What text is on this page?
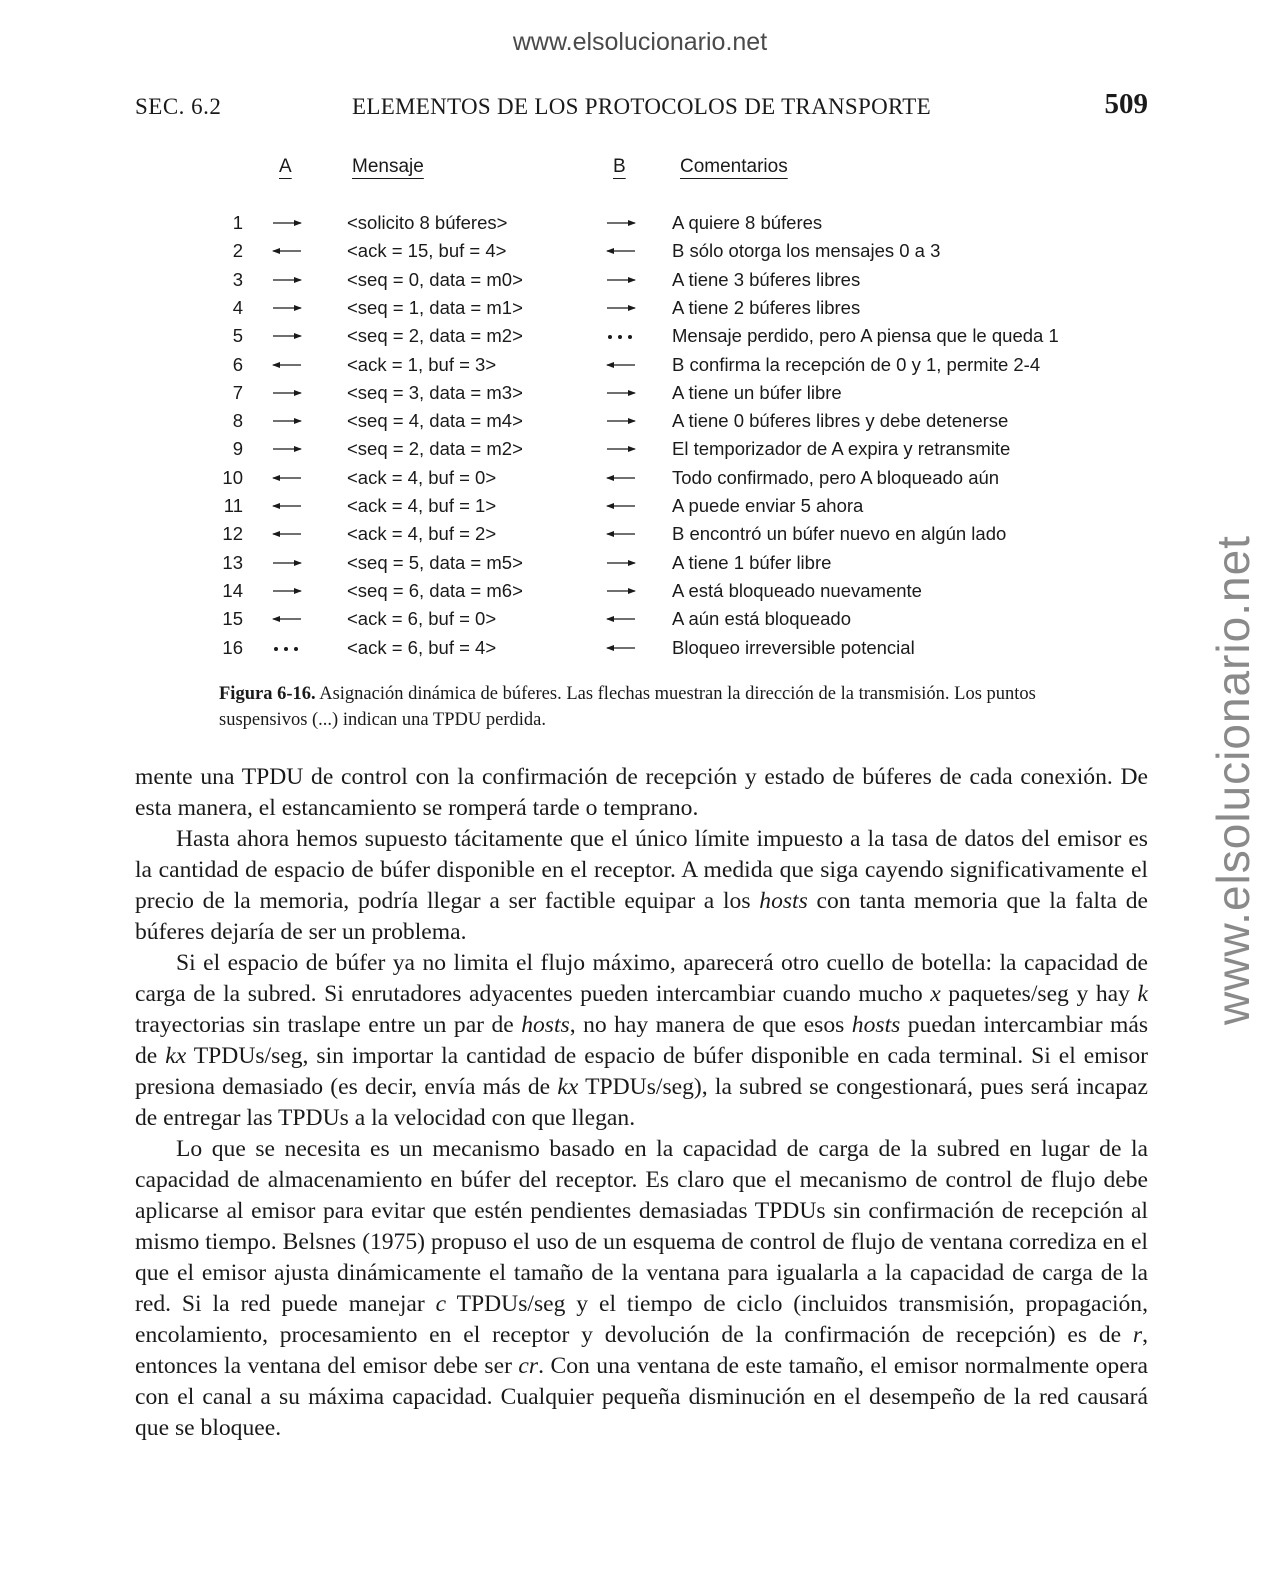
www.elsolucionario.net
www.elsolucionario.net
SEC. 6.2	ELEMENTOS DE LOS PROTOCOLOS DE TRANSPORTE	509
A	Mensaje	B	Comentarios
1	<solicito 8 búferes>	A quiere 8 búferes
2	<ack = 15, buf = 4>	B sólo otorga los mensajes 0 a 3
3	<seq = 0, data = m0>	A tiene 3 búferes libres
4	<seq = 1, data = m1>	A tiene 2 búferes libres
5	<seq = 2, data = m2>	Mensaje perdido, pero A piensa que le queda 1
6	<ack = 1, buf = 3>	B confirma la recepción de 0 y 1, permite 2-4
7	<seq = 3, data = m3>	A tiene un búfer libre
8	<seq = 4, data = m4>	A tiene 0 búferes libres y debe detenerse
9	<seq = 2, data = m2>	El temporizador de A expira y retransmite
10	<ack = 4, buf = 0>	Todo confirmado, pero A bloqueado aún
11	<ack = 4, buf = 1>	A puede enviar 5 ahora
12	<ack = 4, buf = 2>	B encontró un búfer nuevo en algún lado
13	<seq = 5, data = m5>	A tiene 1 búfer libre
14	<seq = 6, data = m6>	A está bloqueado nuevamente
15	<ack = 6, buf = 0>	A aún está bloqueado
16	<ack = 6, buf = 4>	Bloqueo irreversible potencial
Figura 6-16. Asignación dinámica de búferes. Las flechas muestran la dirección de la transmisión. Los puntos suspensivos (...) indican una TPDU perdida.

mente una TPDU de control con la confirmación de recepción y estado de búferes de cada conexión. De esta manera, el estancamiento se romperá tarde o temprano.

Hasta ahora hemos supuesto tácitamente que el único límite impuesto a la tasa de datos del emisor es la cantidad de espacio de búfer disponible en el receptor. A medida que siga cayendo significativamente el precio de la memoria, podría llegar a ser factible equipar a los hosts con tanta memoria que la falta de búferes dejaría de ser un problema.

Si el espacio de búfer ya no limita el flujo máximo, aparecerá otro cuello de botella: la capacidad de carga de la subred. Si enrutadores adyacentes pueden intercambiar cuando mucho x paquetes/seg y hay k trayectorias sin traslape entre un par de hosts, no hay manera de que esos hosts puedan intercambiar más de kx TPDUs/seg, sin importar la cantidad de espacio de búfer disponible en cada terminal. Si el emisor presiona demasiado (es decir, envía más de kx TPDUs/seg), la subred se congestionará, pues será incapaz de entregar las TPDUs a la velocidad con que llegan.

Lo que se necesita es un mecanismo basado en la capacidad de carga de la subred en lugar de la capacidad de almacenamiento en búfer del receptor. Es claro que el mecanismo de control de flujo debe aplicarse al emisor para evitar que estén pendientes demasiadas TPDUs sin confirmación de recepción al mismo tiempo. Belsnes (1975) propuso el uso de un esquema de control de flujo de ventana corrediza en el que el emisor ajusta dinámicamente el tamaño de la ventana para igualarla a la capacidad de carga de la red. Si la red puede manejar c TPDUs/seg y el tiempo de ciclo (incluidos transmisión, propagación, encolamiento, procesamiento en el receptor y devolución de la confirmación de recepción) es de r, entonces la ventana del emisor debe ser cr. Con una ventana de este tamaño, el emisor normalmente opera con el canal a su máxima capacidad. Cualquier pequeña disminución en el desempeño de la red causará que se bloquee.
